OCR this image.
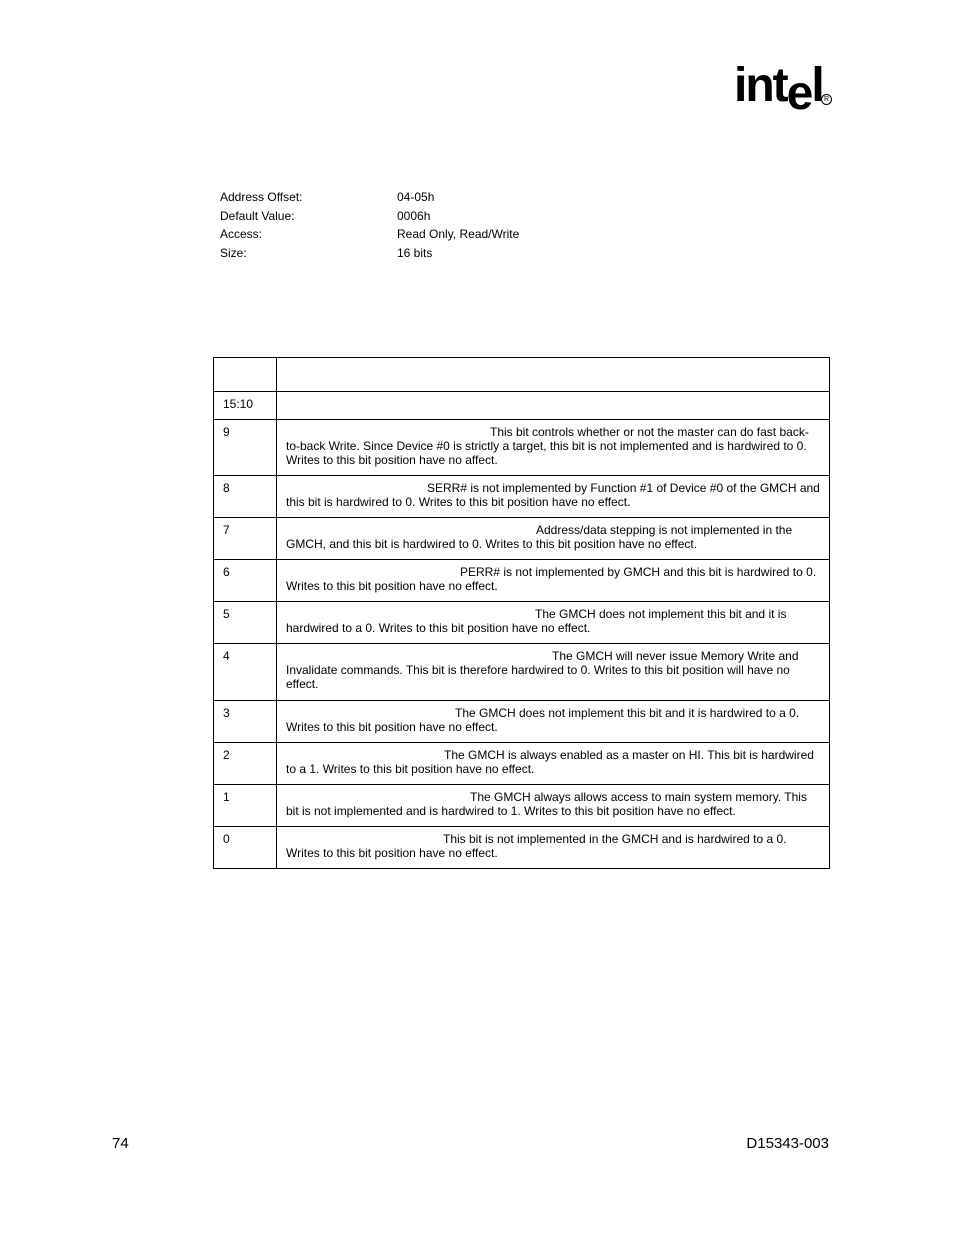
intel R
Address Offset:	04-05h
Default Value:	0006h
Access:	Read Only, Read/Write
Size:	16 bits

15:10	
9	This bit controls whether or not the master can do fast back-to-back Write. Since Device #0 is strictly a target, this bit is not implemented and is hardwired to 0. Writes to this bit position have no affect.
8	SERR# is not implemented by Function #1 of Device #0 of the GMCH and this bit is hardwired to 0. Writes to this bit position have no effect.
7	Address/data stepping is not implemented in the GMCH, and this bit is hardwired to 0. Writes to this bit position have no effect.
6	PERR# is not implemented by GMCH and this bit is hardwired to 0. Writes to this bit position have no effect.
5	The GMCH does not implement this bit and it is hardwired to a 0. Writes to this bit position have no effect.
4	The GMCH will never issue Memory Write and Invalidate commands. This bit is therefore hardwired to 0. Writes to this bit position will have no effect.
3	The GMCH does not implement this bit and it is hardwired to a 0. Writes to this bit position have no effect.
2	The GMCH is always enabled as a master on HI. This bit is hardwired to a 1. Writes to this bit position have no effect.
1	The GMCH always allows access to main system memory. This bit is not implemented and is hardwired to 1. Writes to this bit position have no effect.
0	This bit is not implemented in the GMCH and is hardwired to a 0. Writes to this bit position have no effect.
74	D15343-003
